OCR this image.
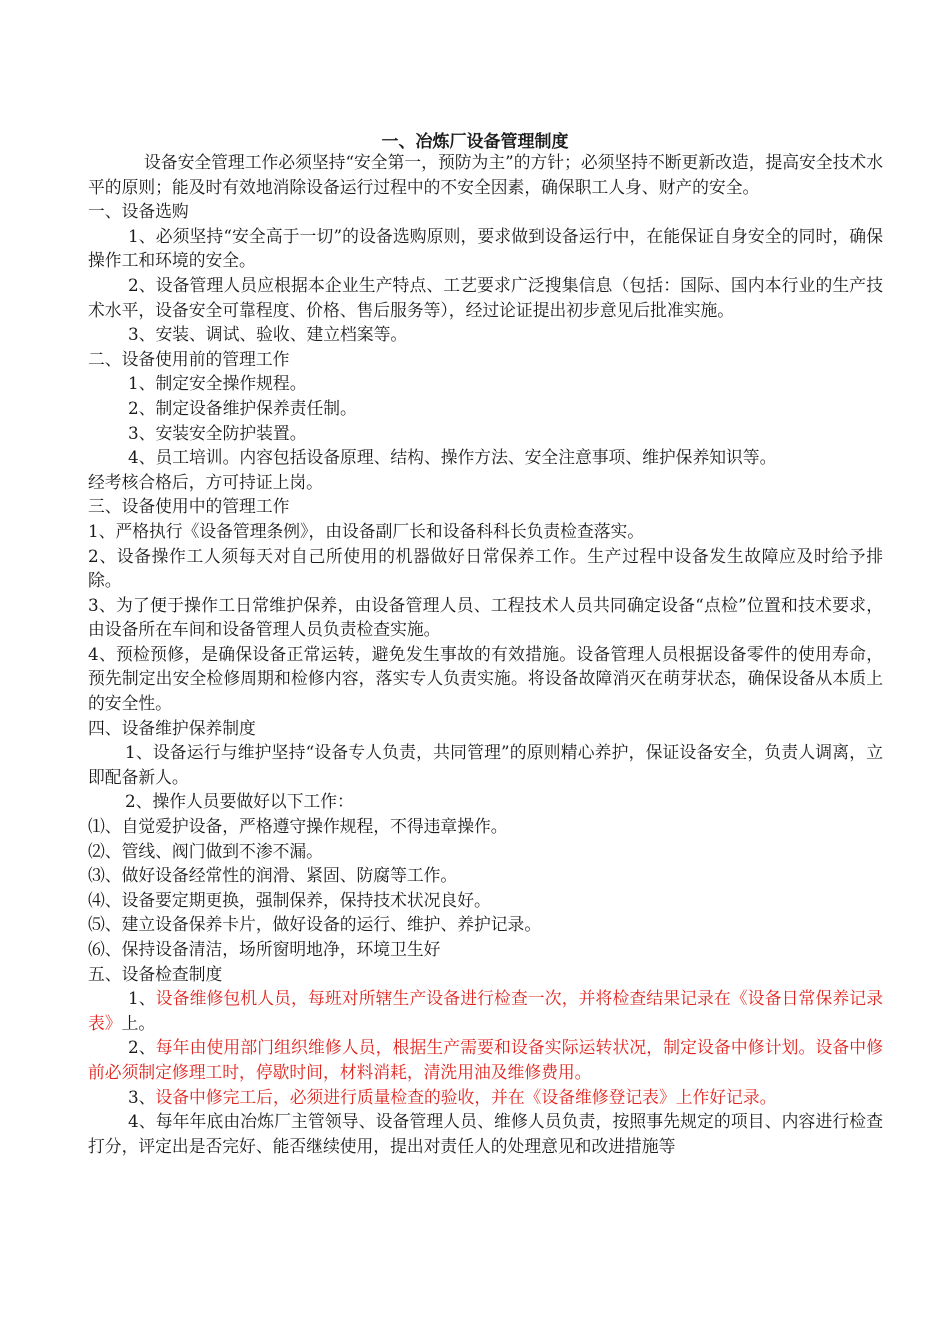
一、冶炼厂设备管理制度

设备安全管理工作必须坚持“安全第一，预防为主”的方针；必须坚持不断更新改造，提高安全技术水平的原则；能及时有效地消除设备运行过程中的不安全因素，确保职工人身、财产的安全。

一、设备选购

1、必须坚持“安全高于一切”的设备选购原则，要求做到设备运行中，在能保证自身安全的同时，确保操作工和环境的安全。

2、设备管理人员应根据本企业生产特点、工艺要求广泛搜集信息（包括：国际、国内本行业的生产技术水平，设备安全可靠程度、价格、售后服务等），经过论证提出初步意见后批准实施。

3、安装、调试、验收、建立档案等。

二、设备使用前的管理工作

1、制定安全操作规程。

2、制定设备维护保养责任制。

3、安装安全防护装置。

4、员工培训。内容包括设备原理、结构、操作方法、安全注意事项、维护保养知识等。

经考核合格后，方可持证上岗。

三、设备使用中的管理工作

1、严格执行《设备管理条例》，由设备副厂长和设备科科长负责检查落实。

2、设备操作工人须每天对自己所使用的机器做好日常保养工作。生产过程中设备发生故障应及时给予排除。

3、为了便于操作工日常维护保养，由设备管理人员、工程技术人员共同确定设备“点检”位置和技术要求，由设备所在车间和设备管理人员负责检查实施。

4、预检预修，是确保设备正常运转，避免发生事故的有效措施。设备管理人员根据设备零件的使用寿命，预先制定出安全检修周期和检修内容，落实专人负责实施。将设备故障消灭在萌芽状态，确保设备从本质上的安全性。

四、设备维护保养制度

1、设备运行与维护坚持“设备专人负责，共同管理”的原则精心养护，保证设备安全，负责人调离，立即配备新人。

2、操作人员要做好以下工作：

⑴、自觉爱护设备，严格遵守操作规程，不得违章操作。

⑵、管线、阀门做到不渗不漏。

⑶、做好设备经常性的润滑、紧固、防腐等工作。

⑷、设备要定期更换，强制保养，保持技术状况良好。

⑸、建立设备保养卡片，做好设备的运行、维护、养护记录。

⑹、保持设备清洁，场所窗明地净，环境卫生好

五、设备检查制度

1、设备维修包机人员，每班对所辖生产设备进行检查一次，并将检查结果记录在《设备日常保养记录表》上。

2、每年由使用部门组织维修人员，根据生产需要和设备实际运转状况，制定设备中修计划。设备中修前必须制定修理工时，停歇时间，材料消耗，清洗用油及维修费用。

3、设备中修完工后，必须进行质量检查的验收，并在《设备维修登记表》上作好记录。

4、每年年底由冶炼厂主管领导、设备管理人员、维修人员负责，按照事先规定的项目、内容进行检查打分，评定出是否完好、能否继续使用，提出对责任人的处理意见和改进措施等
